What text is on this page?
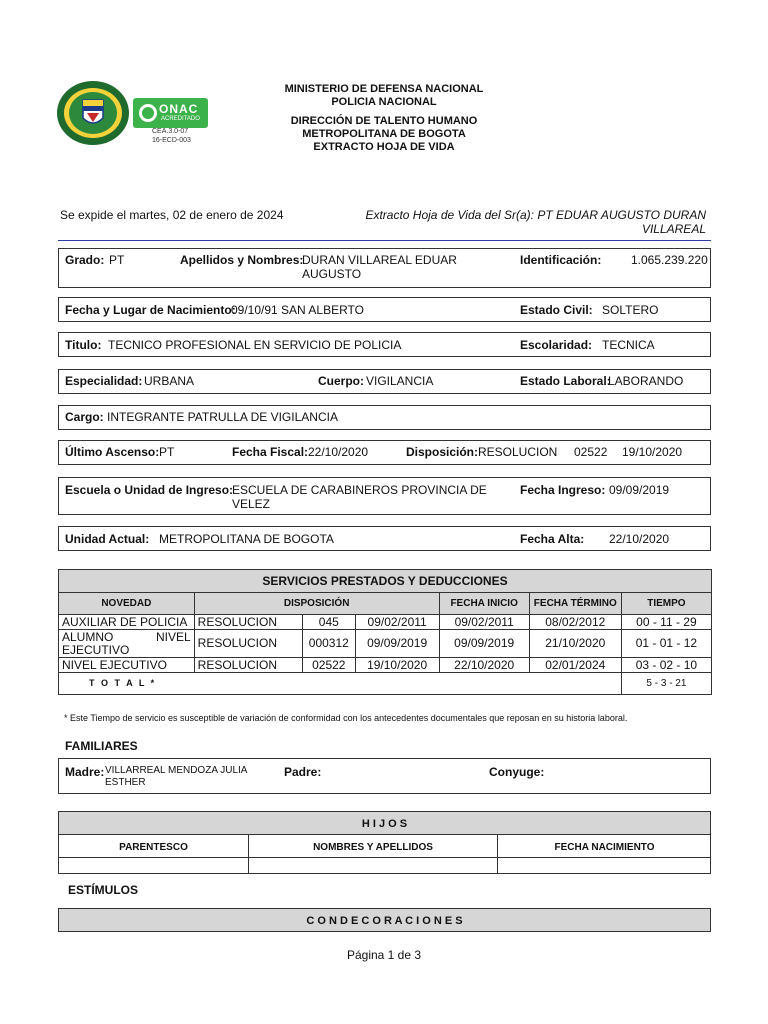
ONAC
ACREDITADO
CEA.3.0-07
16-ECD-003
MINISTERIO DE DEFENSA NACIONAL
POLICIA NACIONAL
DIRECCIÓN DE TALENTO HUMANO
METROPOLITANA DE BOGOTA
EXTRACTO HOJA DE VIDA
Se expide el martes, 02 de enero de 2024	Extracto Hoja de Vida del Sr(a): PT EDUAR AUGUSTO DURAN
VILLAREAL
Grado: PT	Apellidos y Nombres:
DURAN VILLAREAL EDUAR
AUGUSTO
Identificación: 1.065.239.220
Fecha y Lugar de Nacimiento:
09/10/91 SAN ALBERTO	Estado Civil: SOLTERO
Titulo: TECNICO PROFESIONAL EN SERVICIO DE POLICIA	Escolaridad: TECNICA
Especialidad: URBANA	Cuerpo: VIGILANCIA	Estado Laboral:
LABORANDO
Cargo: INTEGRANTE PATRULLA DE VIGILANCIA
Último Ascenso: PT	Fecha Fiscal: 22/10/2020	Disposición: RESOLUCION 02522 19/10/2020
Escuela o Unidad de Ingreso:
ESCUELA DE CARABINEROS PROVINCIA DE
VELEZ
Fecha Ingreso: 09/09/2019
Unidad Actual: METROPOLITANA DE BOGOTA	Fecha Alta: 22/10/2020
SERVICIOS PRESTADOS Y DEDUCCIONES						
NOVEDAD	DISPOSICIÓN			FECHA INICIO	FECHA TÉRMINO	TIEMPO
AUXILIAR DE POLICIA	RESOLUCION	045	09/02/2011	09/02/2011	08/02/2012	00 - 11 - 29
ALUMNO NIVEL EJECUTIVO	RESOLUCION	000312	09/09/2019	09/09/2019	21/10/2020	01 - 01 - 12
NIVEL EJECUTIVO	RESOLUCION	02522	19/10/2020	22/10/2020	02/01/2024	03 - 02 - 10
T O T A L *						5 - 3 - 21
* Este Tiempo de servicio es susceptible de variación de conformidad con los antecedentes documentales que reposan en su historia laboral.
FAMILIARES
Madre: VILLARREAL MENDOZA JULIA
ESTHER
Padre:	Conyuge:
H I J O S
PARENTESCO	NOMBRES Y APELLIDOS	FECHA NACIMIENTO
ESTÍMULOS
C O N D E C O R A C I O N E S
Página 1 de 3
